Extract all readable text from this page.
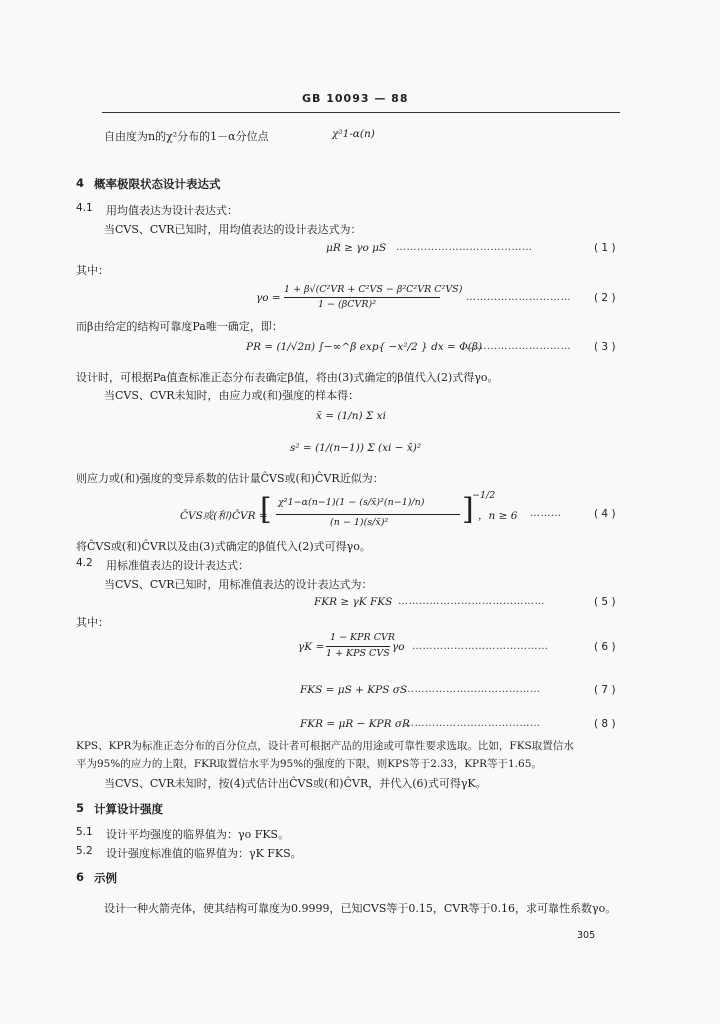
GB 10093 — 88
自由度为n的χ²分布的1－α分位点	χ²1-α(n)
4 概率极限状态设计表达式
4.1 用均值表达为设计表达式：
当CVS、CVR已知时，用均值表达的设计表达式为：
μR ≥ γo μS …………………………………	( 1 )
其中：
γo =
1 + β√(C²VR + C²VS − β²C²VR C²VS)
1 − (βCVR)²
………………………… ( 2 )
而β由给定的结构可靠度Pa唯一确定，即：
PR = (1/√2π) ∫−∞^β exp{ −x²/2 } dx = Φ(β)
………………………… ( 3 )
设计时，可根据Pa值查标准正态分布表确定β值，将由(3)式确定的β值代入(2)式得γo。
当CVS、CVR未知时，由应力或(和)强度的样本得：
x̄ = (1/n) Σ xi
s² = (1/(n−1)) Σ (xi − x̄)²
则应力或(和)强度的变异系数的估计量ĈVS或(和)ĈVR近似为：
ĈVS或(和)ĈVR =
[ χ²1−α(n−1)(1 − (s/x̄)²(n−1)/n)
(n − 1)(s/x̄)² ]
−1/2
，n ≥ 6 ………	( 4 )
将ĈVS或(和)ĈVR以及由(3)式确定的β值代入(2)式可得γo。
4.2 用标准值表达的设计表达式：
当CVS、CVR已知时，用标准值表达的设计表达式为：
FKR ≥ γK FKS ……………………………………	( 5 )
其中：
γK =
1 − KPR CVR
1 + KPS CVS
γo …………………………………	( 6 )
FKS = μS + KPS σS
…………………………………	( 7 )
FKR = μR − KPR σR
…………………………………	( 8 )
KPS、KPR为标准正态分布的百分位点，设计者可根据产品的用途或可靠性要求选取。比如，FKS取置信水
平为95%的应力的上限，FKR取置信水平为95%的强度的下限，则KPS等于2.33，KPR等于1.65。
当CVS、CVR未知时，按(4)式估计出ĈVS或(和)ĈVR，并代入(6)式可得γK。
5 计算设计强度
5.1 设计平均强度的临界值为：γo FKS。
5.2 设计强度标准值的临界值为：γK FKS。
6 示例
设计一种火箭壳体，使其结构可靠度为0.9999，已知CVS等于0.15，CVR等于0.16，求可靠性系数γo。
305
